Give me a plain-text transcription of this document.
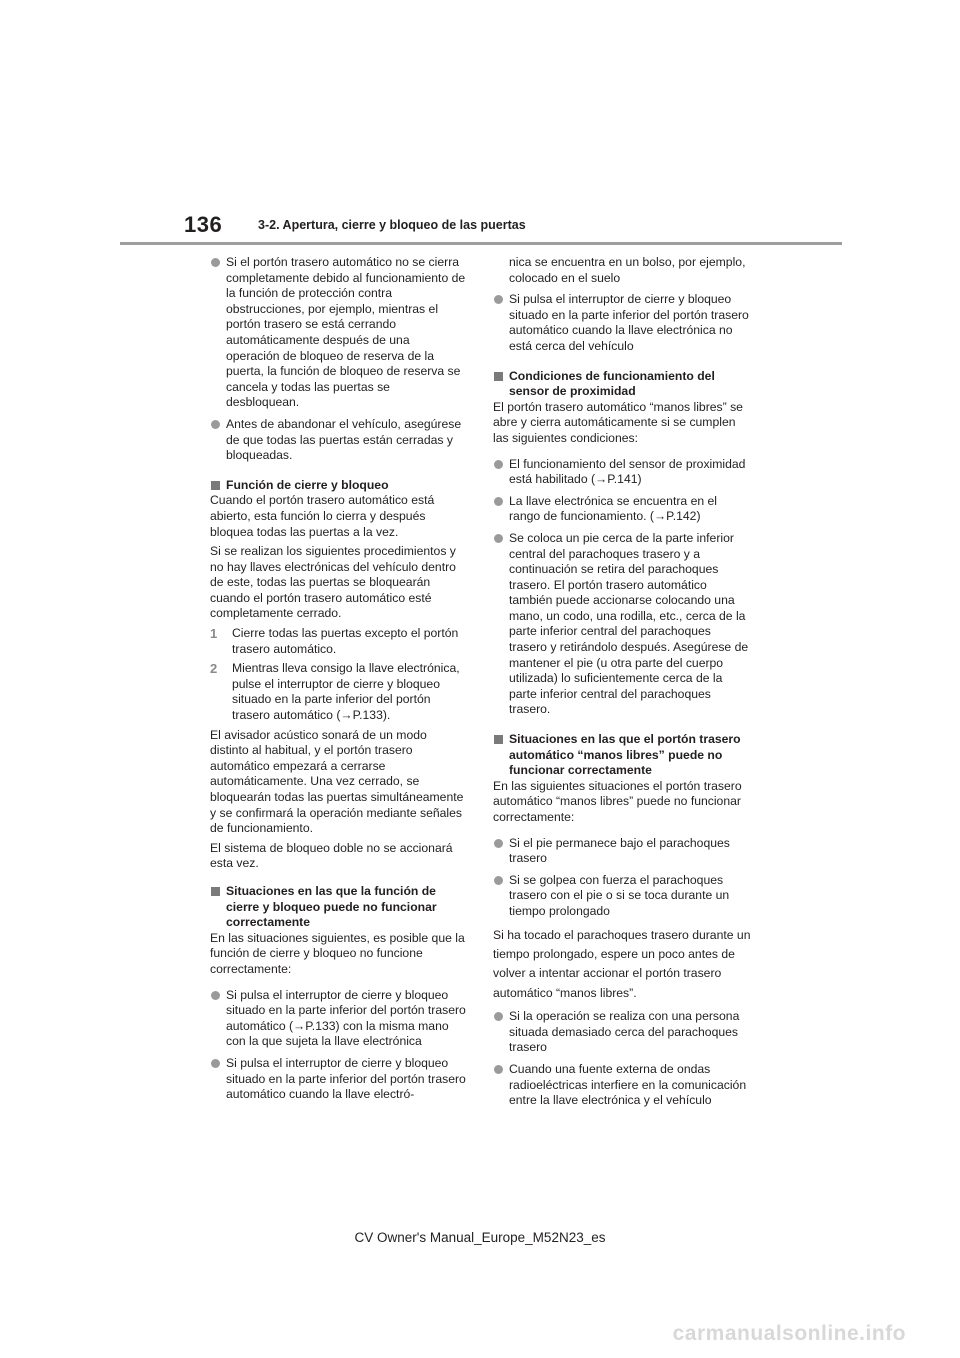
136	3-2. Apertura, cierre y bloqueo de las puertas
Si el portón trasero automático no se cierra completamente debido al funcionamiento de la función de protección contra obstrucciones, por ejemplo, mientras el portón trasero se está cerrando automáticamente después de una operación de bloqueo de reserva de la puerta, la función de bloqueo de reserva se cancela y todas las puertas se desbloquean.
Antes de abandonar el vehículo, asegúrese de que todas las puertas están cerradas y bloqueadas.
Función de cierre y bloqueo
Cuando el portón trasero automático está abierto, esta función lo cierra y después bloquea todas las puertas a la vez.
Si se realizan los siguientes procedimientos y no hay llaves electrónicas del vehículo dentro de este, todas las puertas se bloquearán cuando el portón trasero automático esté completamente cerrado.
1 Cierre todas las puertas excepto el portón trasero automático.
2 Mientras lleva consigo la llave electrónica, pulse el interruptor de cierre y bloqueo situado en la parte inferior del portón trasero automático (→P.133).
El avisador acústico sonará de un modo distinto al habitual, y el portón trasero automático empezará a cerrarse automáticamente. Una vez cerrado, se bloquearán todas las puertas simultáneamente y se confirmará la operación mediante señales de funcionamiento.
El sistema de bloqueo doble no se accionará esta vez.
Situaciones en las que la función de cierre y bloqueo puede no funcionar correctamente
En las situaciones siguientes, es posible que la función de cierre y bloqueo no funcione correctamente:
Si pulsa el interruptor de cierre y bloqueo situado en la parte inferior del portón trasero automático (→P.133) con la misma mano con la que sujeta la llave electrónica
Si pulsa el interruptor de cierre y bloqueo situado en la parte inferior del portón trasero automático cuando la llave electró-
nica se encuentra en un bolso, por ejemplo, colocado en el suelo
Si pulsa el interruptor de cierre y bloqueo situado en la parte inferior del portón trasero automático cuando la llave electrónica no está cerca del vehículo
Condiciones de funcionamiento del sensor de proximidad
El portón trasero automático “manos libres” se abre y cierra automáticamente si se cumplen las siguientes condiciones:
El funcionamiento del sensor de proximidad está habilitado (→P.141)
La llave electrónica se encuentra en el rango de funcionamiento. (→P.142)
Se coloca un pie cerca de la parte inferior central del parachoques trasero y a continuación se retira del parachoques trasero. El portón trasero automático también puede accionarse colocando una mano, un codo, una rodilla, etc., cerca de la parte inferior central del parachoques trasero y retirándolo después. Asegúrese de mantener el pie (u otra parte del cuerpo utilizada) lo suficientemente cerca de la parte inferior central del parachoques trasero.
Situaciones en las que el portón trasero automático “manos libres” puede no funcionar correctamente
En las siguientes situaciones el portón trasero automático “manos libres” puede no funcionar correctamente:
Si el pie permanece bajo el parachoques trasero
Si se golpea con fuerza el parachoques trasero con el pie o si se toca durante un tiempo prolongado
Si ha tocado el parachoques trasero durante un tiempo prolongado, espere un poco antes de volver a intentar accionar el portón trasero automático “manos libres”.
Si la operación se realiza con una persona situada demasiado cerca del parachoques trasero
Cuando una fuente externa de ondas radioeléctricas interfiere en la comunicación entre la llave electrónica y el vehículo
CV Owner's Manual_Europe_M52N23_es
carmanualsonline.info
